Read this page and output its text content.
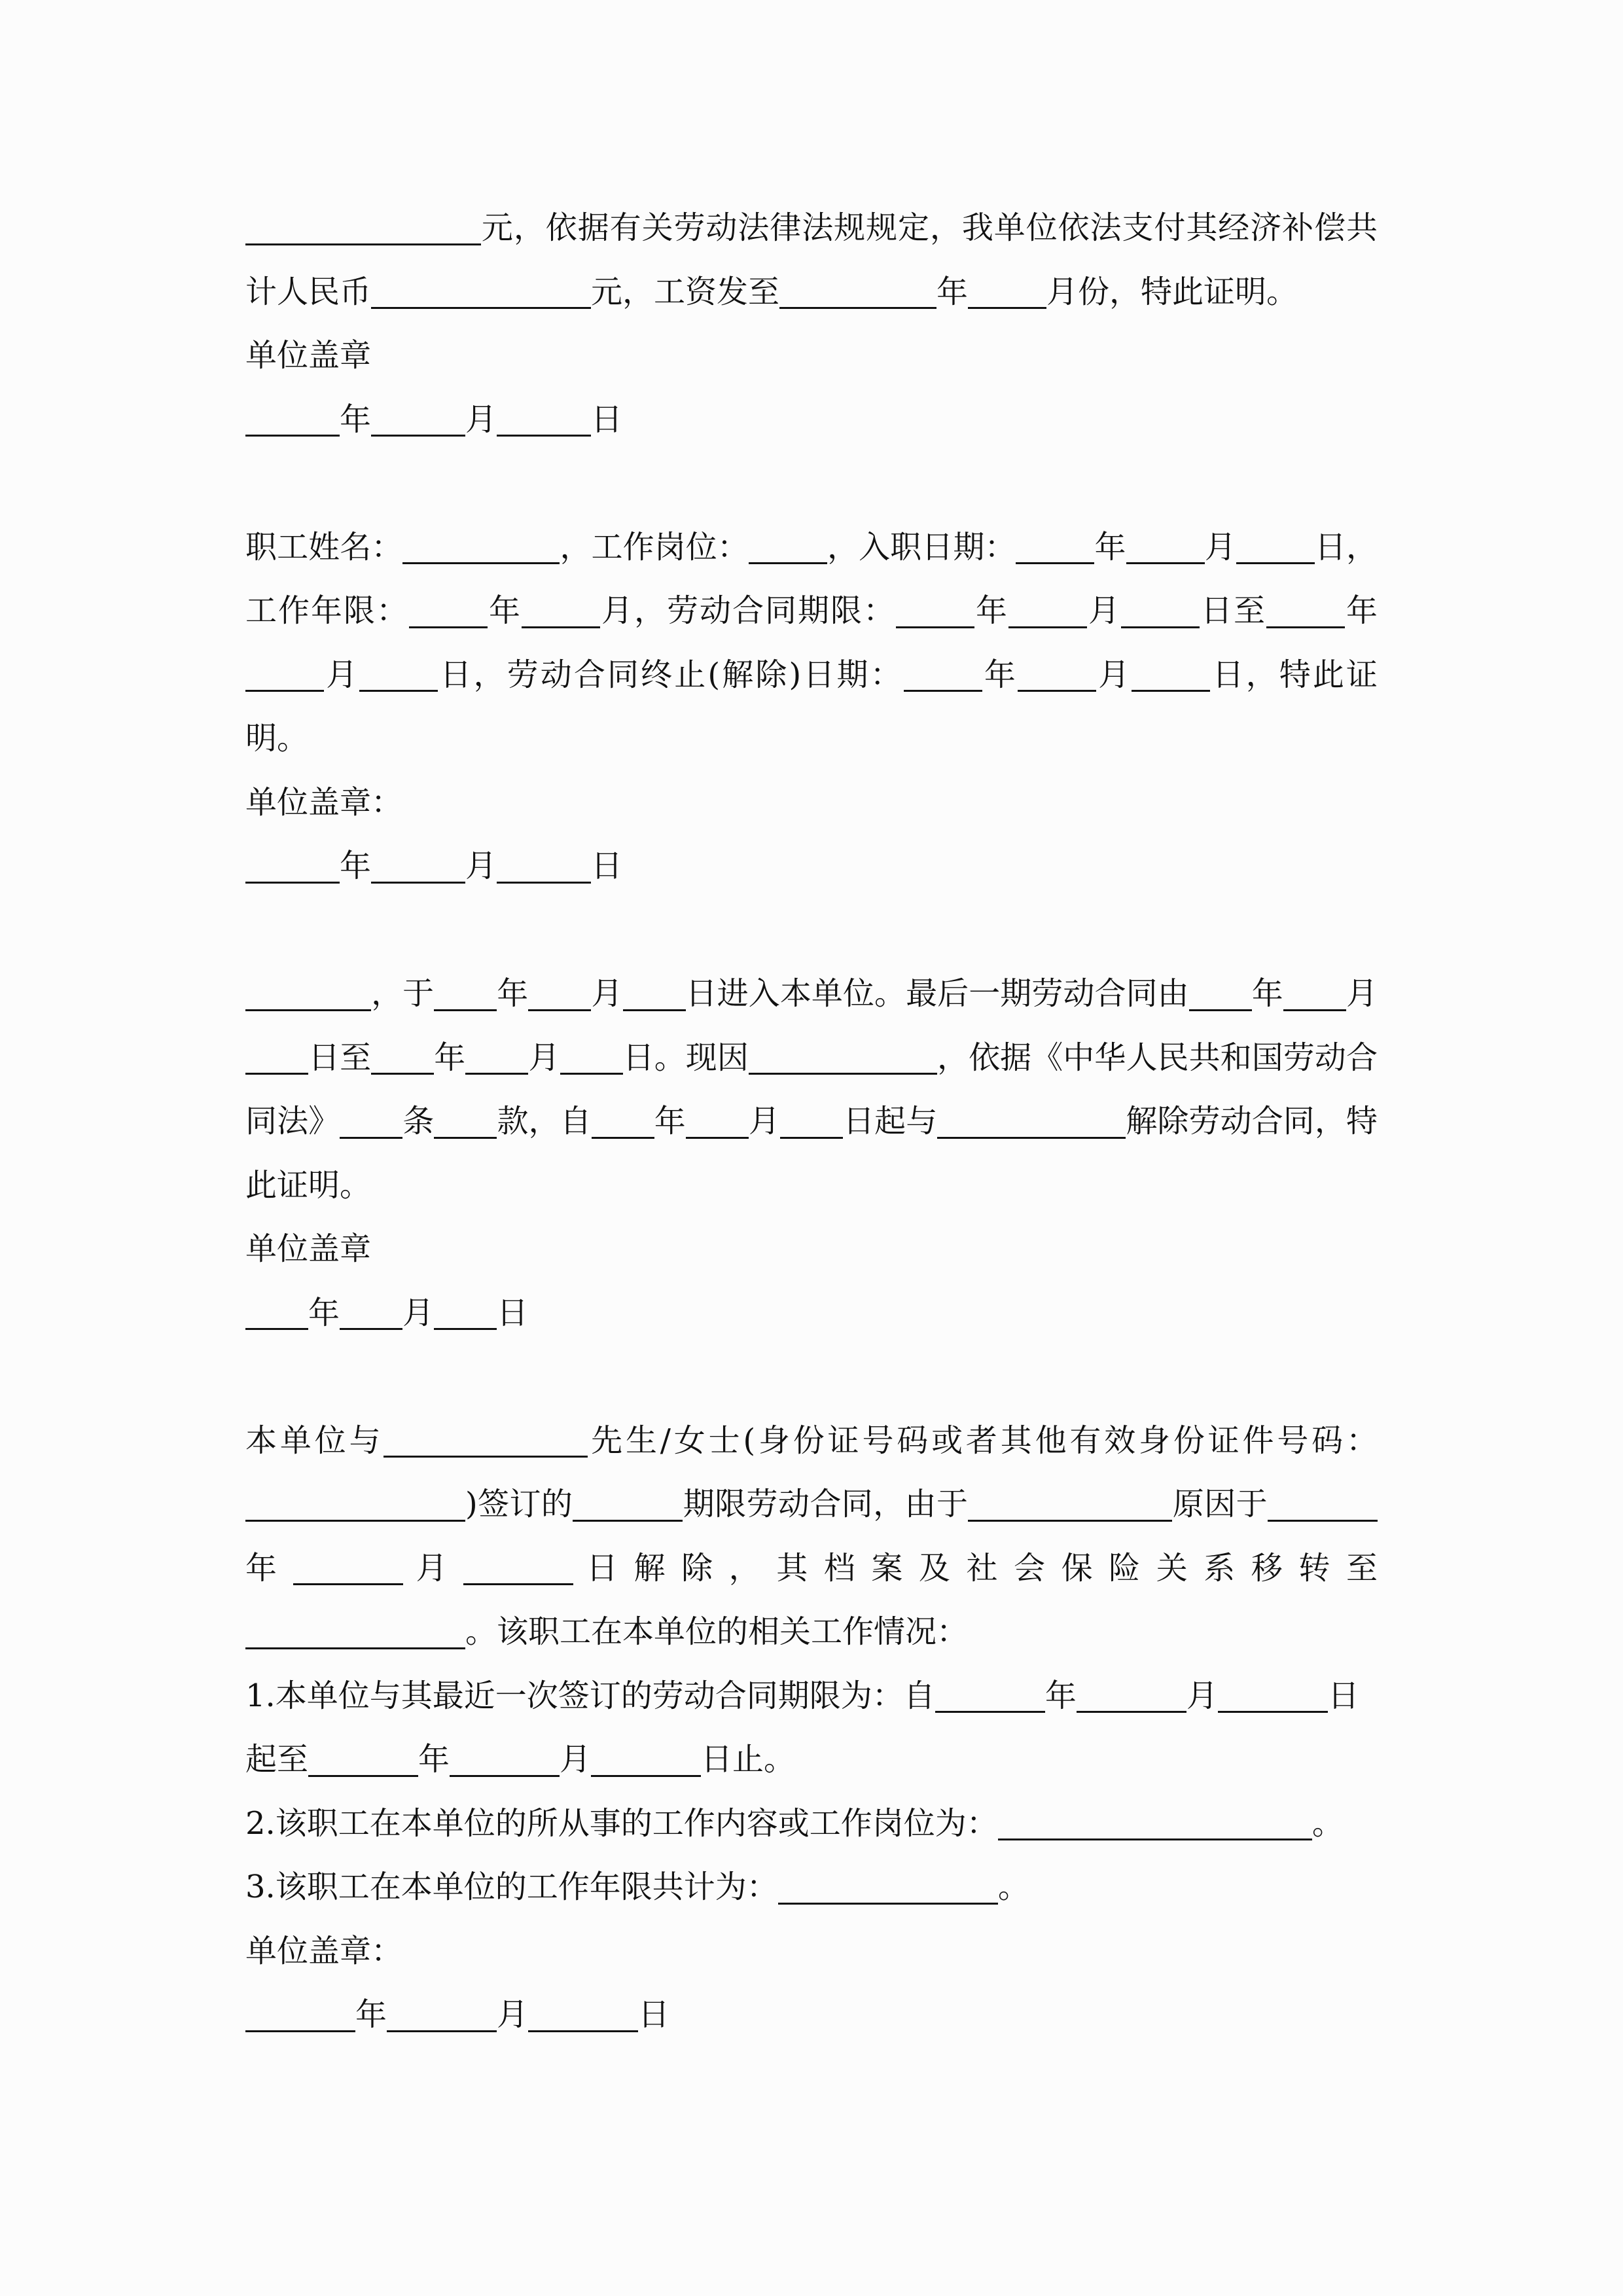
元，依据有关劳动法律法规规定，我单位依法支付其经济补偿共计人民币	元，工资发至	年	月份，特此证明。

单位盖章

年	月	日

职工姓名：	，工作岗位：	，入职日期：	年	月	日，工作年限：	年	月，劳动合同期限：	年	月	日至	年月	日，劳动合同终止(解除)日期：	年	月	日，特此证明。

单位盖章：

年	月	日

，于 年 月 日进入本单位。最后一期劳动合同由 年 月日至 年 月 日。现因	，依据《中华人民共和国劳动合同法》 条 款，自 年 月 日起与	解除劳动合同，特此证明。

单位盖章

年 月 日

本单位与	先生/女士(身份证号码或者其他有效身份证件号码：)签订的	期限劳动合同，由于	原因于 年	月	日 解 除 ， 其 档 案 及 社 会 保 险 关 系 移 转 至。该职工在本单位的相关工作情况：

1.本单位与其最近一次签订的劳动合同期限为：自	年	月	日起至	年	月	日止。

2.该职工在本单位的所从事的工作内容或工作岗位为：	。

3.该职工在本单位的工作年限共计为：	。

单位盖章：

年	月	日
